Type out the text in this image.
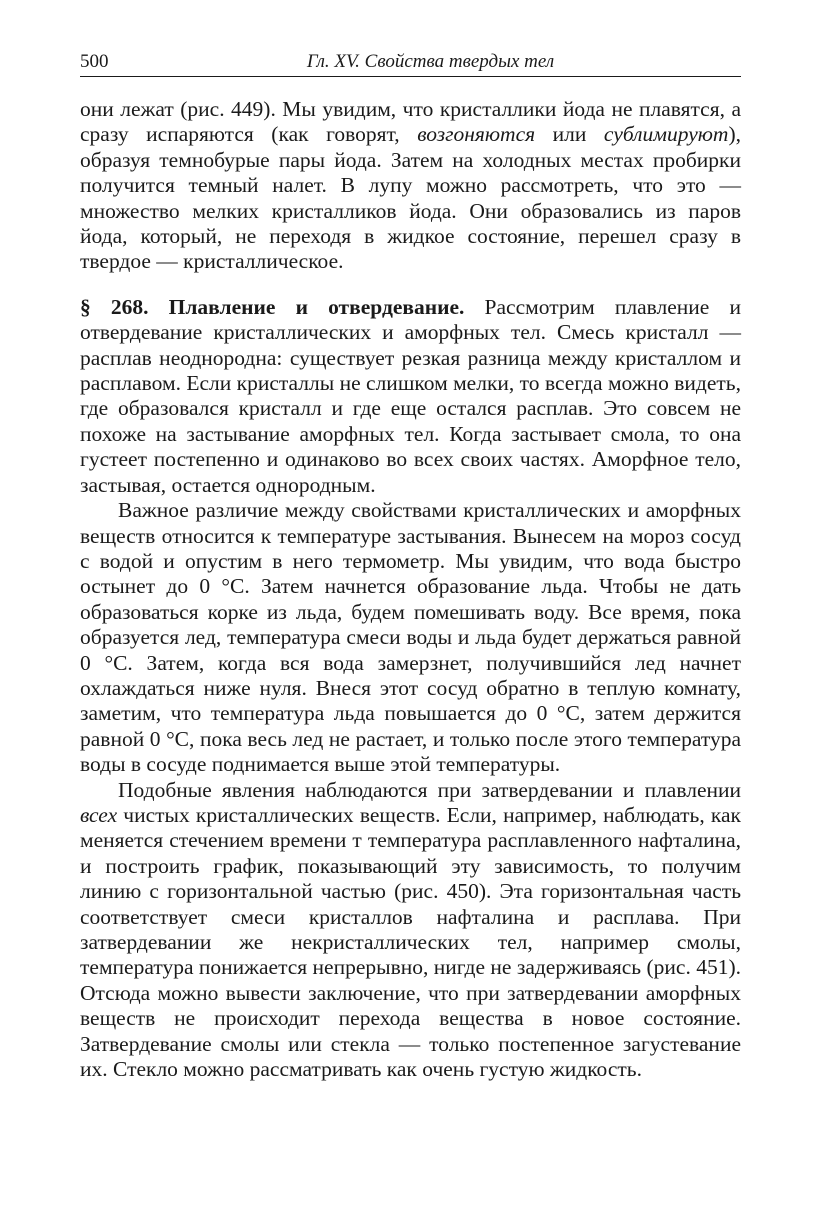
500	Гл. XV. Свойства твердых тел

они лежат (рис. 449). Мы увидим, что кристаллики йода не плавятся, а сразу испаряются (как говорят, возгоняются или сублимируют), образуя темнобурые пары йода. Затем на холодных местах пробирки получится темный налет. В лупу можно рассмотреть, что это — множество мелких кристалликов йода. Они образовались из паров йода, который, не переходя в жидкое состояние, перешел сразу в твердое — кристаллическое.

§ 268. Плавление и отвердевание. Рассмотрим плавление и отвердевание кристаллических и аморфных тел. Смесь кристалл — расплав неоднородна: существует резкая разница между кристаллом и расплавом. Если кристаллы не слишком мелки, то всегда можно видеть, где образовался кристалл и где еще остался расплав. Это совсем не похоже на застывание аморфных тел. Когда застывает смола, то она густеет постепенно и одинаково во всех своих частях. Аморфное тело, застывая, остается однородным.

Важное различие между свойствами кристаллических и аморфных веществ относится к температуре застывания. Вынесем на мороз сосуд с водой и опустим в него термометр. Мы увидим, что вода быстро остынет до 0 °С. Затем начнется образование льда. Чтобы не дать образоваться корке из льда, будем помешивать воду. Все время, пока образуется лед, температура смеси воды и льда будет держаться равной 0 °С. Затем, когда вся вода замерзнет, получившийся лед начнет охлаждаться ниже нуля. Внеся этот сосуд обратно в теплую комнату, заметим, что температура льда повышается до 0 °С, затем держится равной 0 °С, пока весь лед не растает, и только после этого температура воды в сосуде поднимается выше этой температуры.

Подобные явления наблюдаются при затвердевании и плавлении всех чистых кристаллических веществ. Если, например, наблюдать, как меняется стечением времени т температура расплавленного нафталина, и построить график, показывающий эту зависимость, то получим линию с горизонтальной частью (рис. 450). Эта горизонтальная часть соответствует смеси кристаллов нафталина и расплава. При затвердевании же некристаллических тел, например смолы, температура понижается непрерывно, нигде не задерживаясь (рис. 451). Отсюда можно вывести заключение, что при затвердевании аморфных веществ не происходит перехода вещества в новое состояние. Затвердевание смолы или стекла — только постепенное загустевание их. Стекло можно рассматривать как очень густую жидкость.
